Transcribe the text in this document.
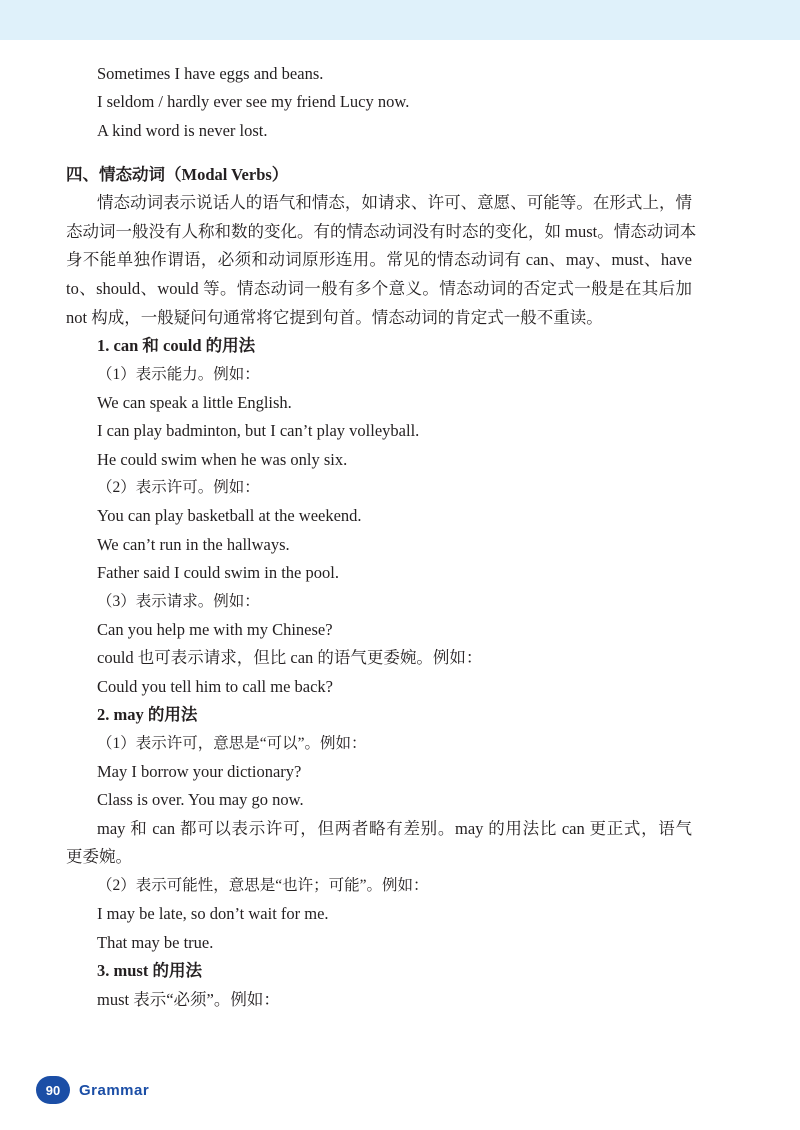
Sometimes I have eggs and beans.
I seldom / hardly ever see my friend Lucy now.
A kind word is never lost.
四、情态动词（Modal Verbs）
情态动词表示说话人的语气和情态，如请求、许可、意愿、可能等。在形式上，情
态动词一般没有人称和数的变化。有的情态动词没有时态的变化，如 must。情态动词本
身不能单独作谓语，必须和动词原形连用。常见的情态动词有 can、may、must、have
to、should、would 等。情态动词一般有多个意义。情态动词的否定式一般是在其后加
not 构成，一般疑问句通常将它提到句首。情态动词的肯定式一般不重读。
1. can 和 could 的用法
（1）表示能力。例如：
We can speak a little English.
I can play badminton, but I can’t play volleyball.
He could swim when he was only six.
（2）表示许可。例如：
You can play basketball at the weekend.
We can’t run in the hallways.
Father said I could swim in the pool.
（3）表示请求。例如：
Can you help me with my Chinese?
could 也可表示请求，但比 can 的语气更委婉。例如：
Could you tell him to call me back?
2. may 的用法
（1）表示许可，意思是“可以”。例如：
May I borrow your dictionary?
Class is over. You may go now.
may 和 can 都可以表示许可，但两者略有差别。may 的用法比 can 更正式，语气
更委婉。
（2）表示可能性，意思是“也许；可能”。例如：
I may be late, so don’t wait for me.
That may be true.
3. must 的用法
must 表示“必须”。例如：
90	Grammar
